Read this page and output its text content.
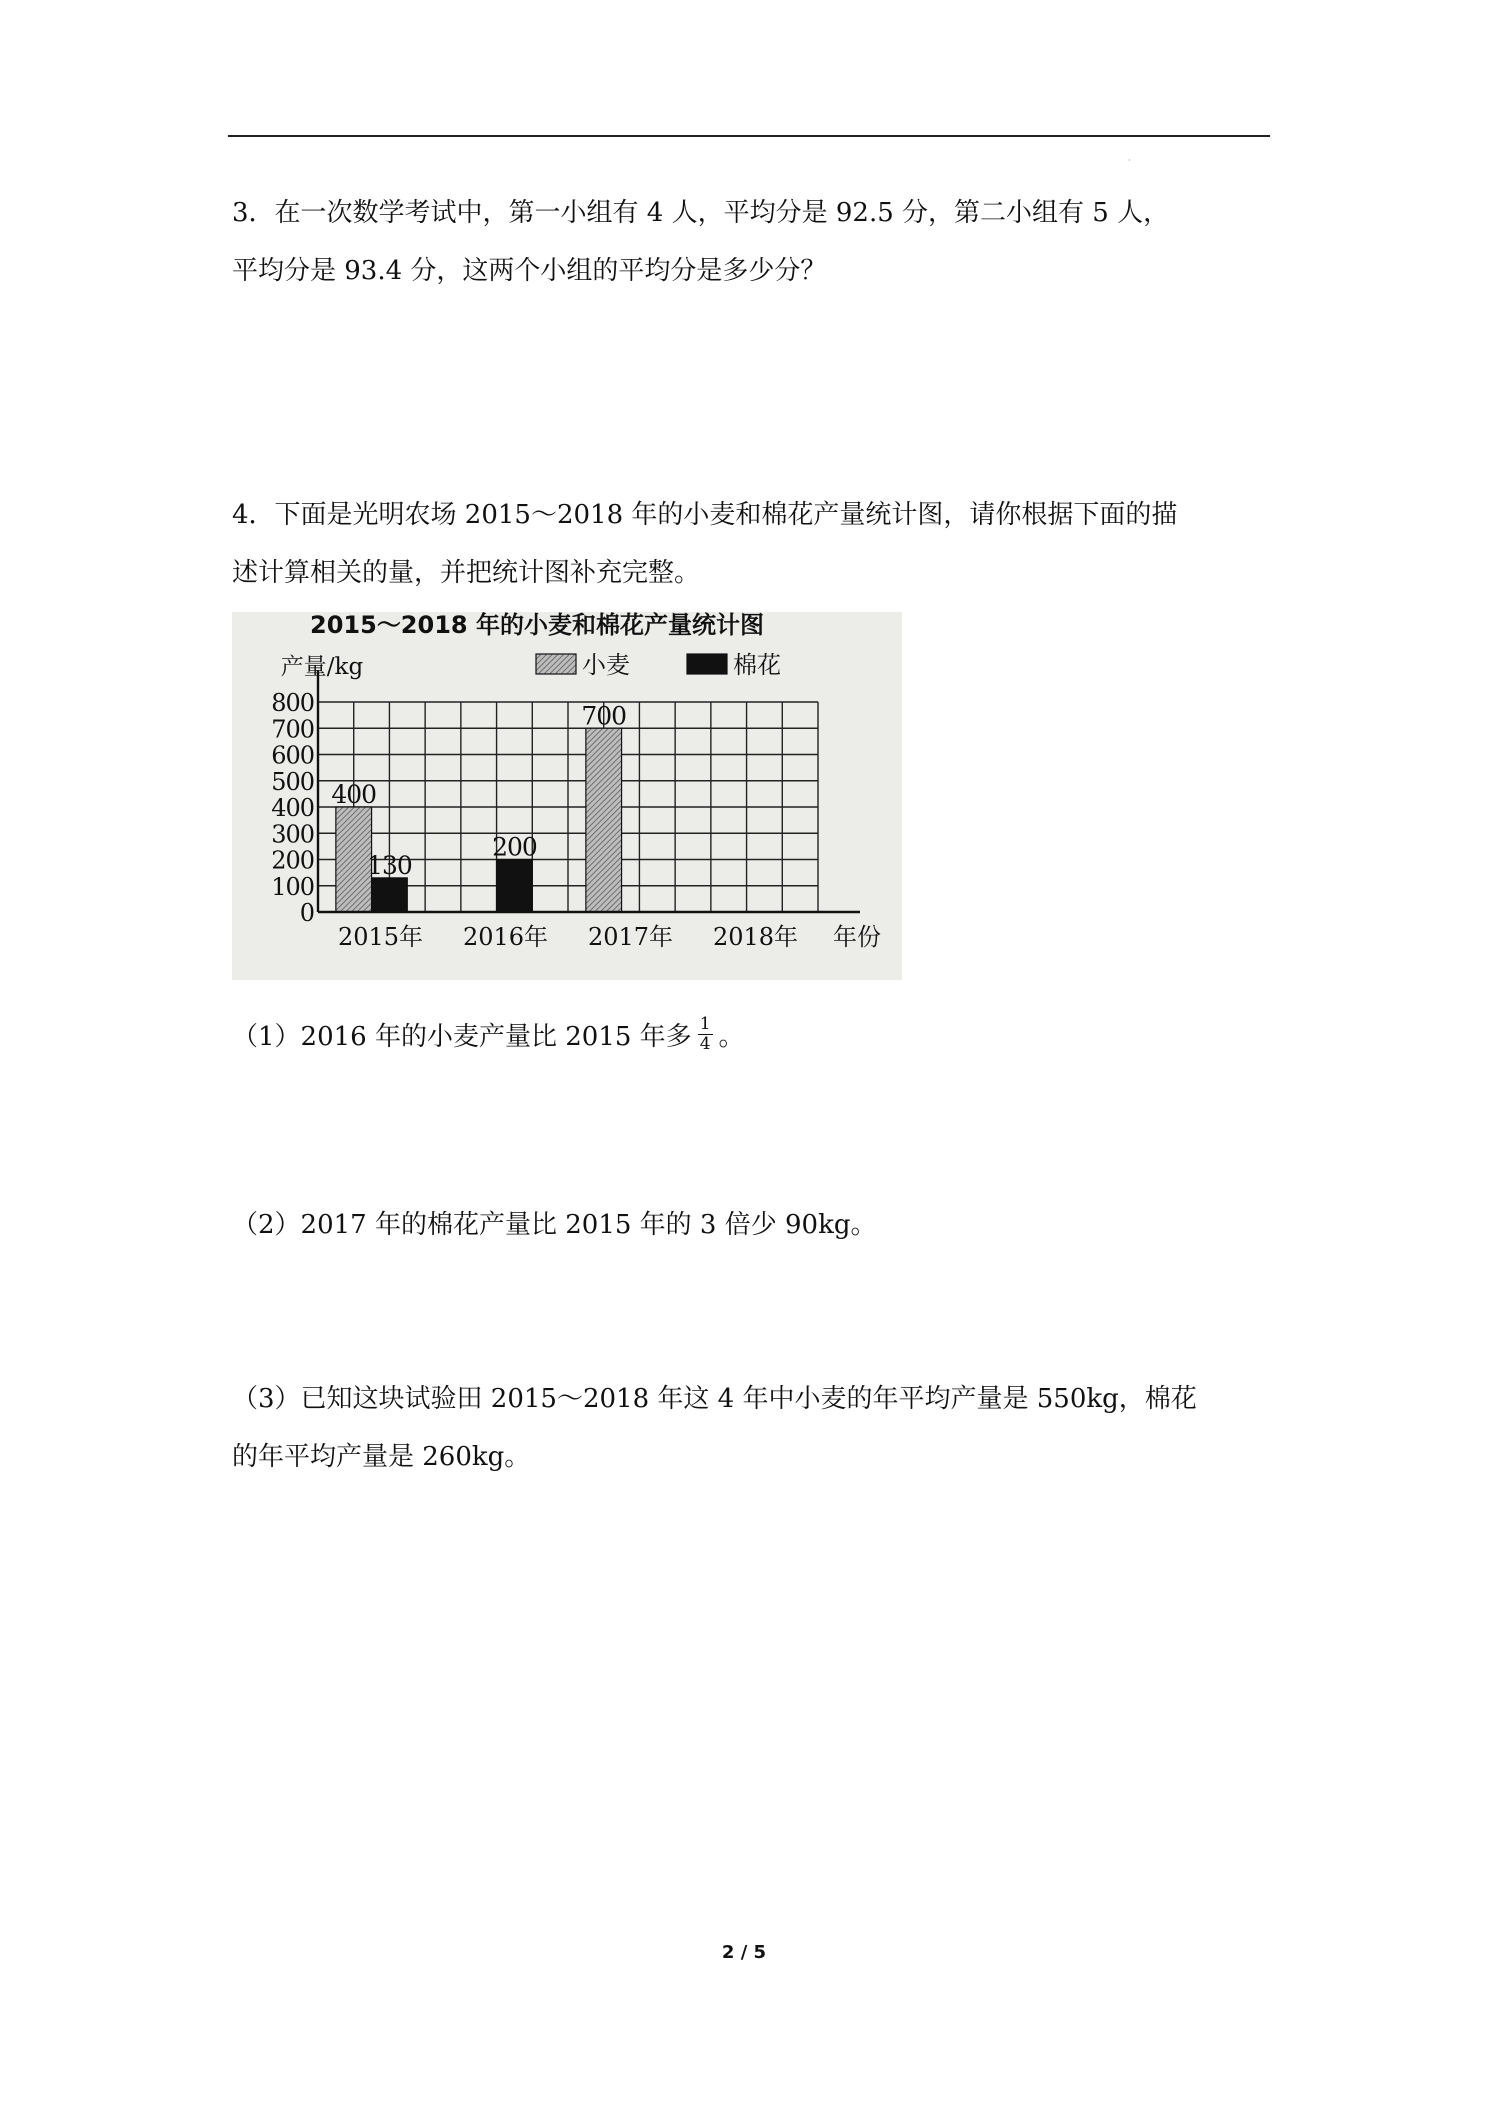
·
3．在一次数学考试中，第一小组有 4 人，平均分是 92.5 分，第二小组有 5 人，
平均分是 93.4 分，这两个小组的平均分是多少分？
4．下面是光明农场 2015～2018 年的小麦和棉花产量统计图，请你根据下面的描
述计算相关的量，并把统计图补充完整。
2015～2018 年的小麦和棉花产量统计图
产量/kg
年份
小麦	棉花
0
100
200
300
400
500
600
700
800
2015年 2016年 2017年 2018年
400
130
200
700
（1）2016 年的小麦产量比 2015 年多 $\frac{1}{4}$ 。
（2）2017 年的棉花产量比 2015 年的 3 倍少 90kg。
（3）已知这块试验田 2015～2018 年这 4 年中小麦的年平均产量是 550kg，棉花
的年平均产量是 260kg。
2 / 5
